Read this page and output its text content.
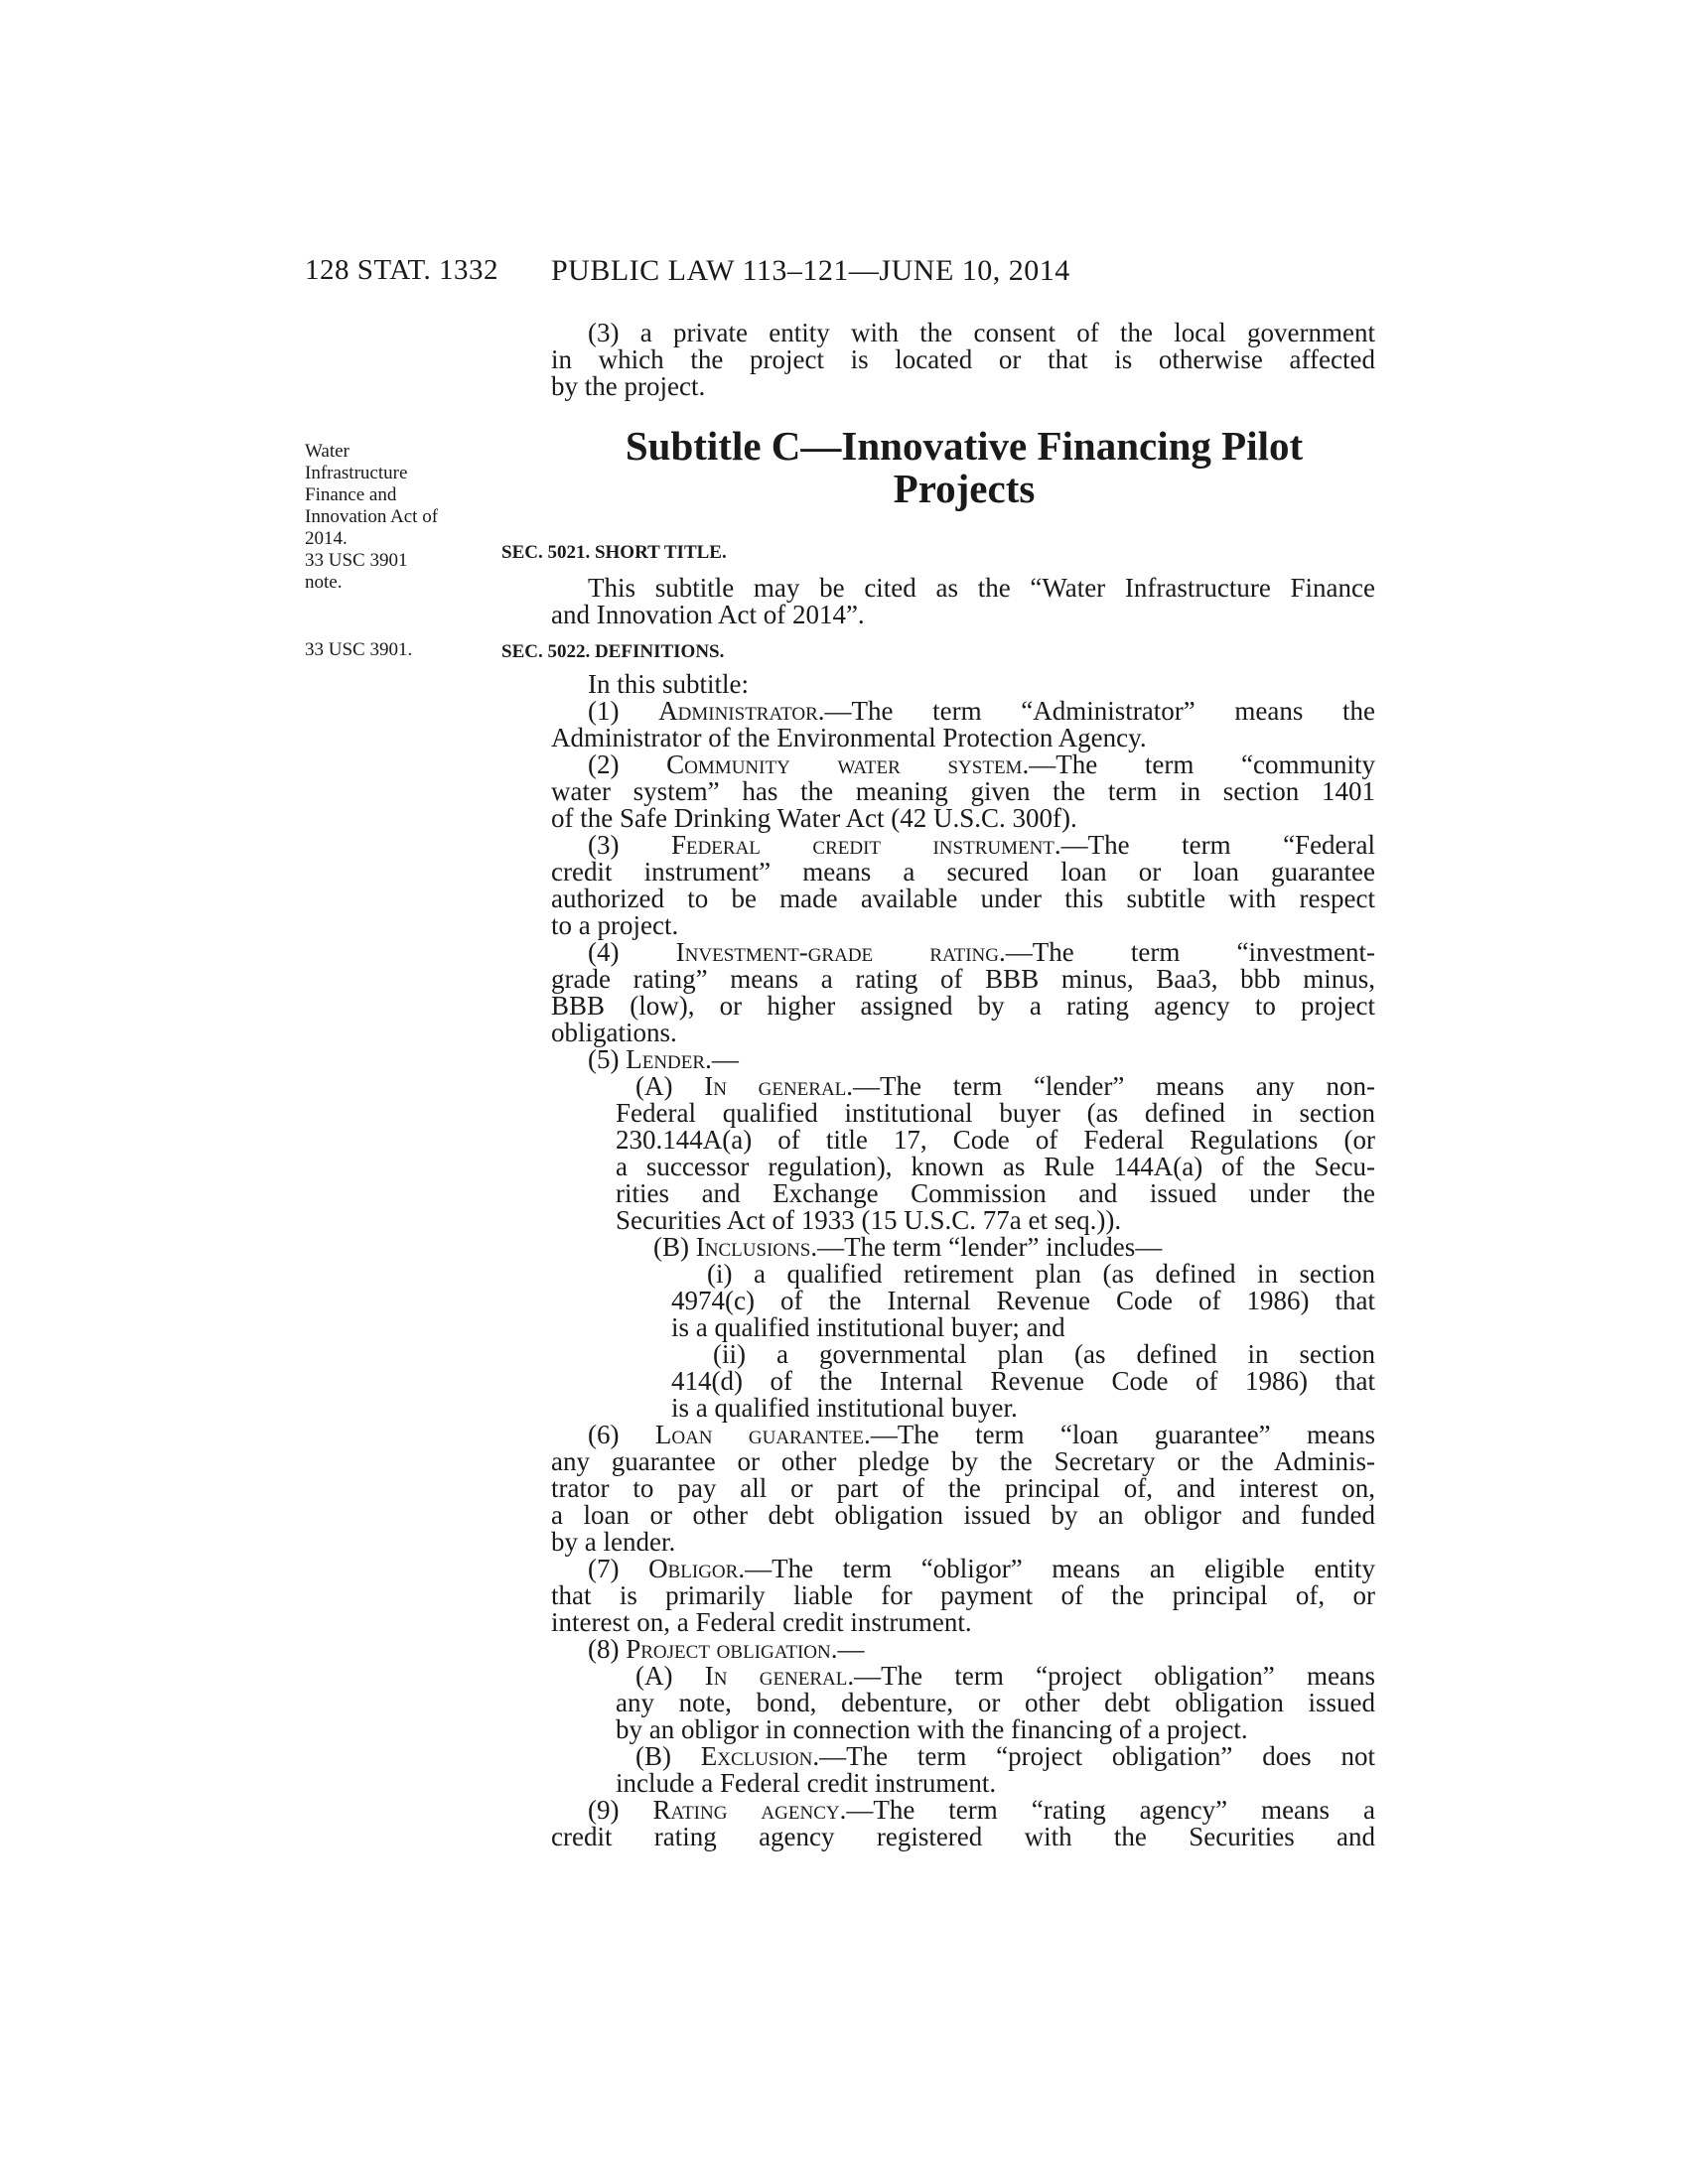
128 STAT. 1332 PUBLIC LAW 113–121—JUNE 10, 2014
(3) a private entity with the consent of the local government
in which the project is located or that is otherwise affected
by the project.
Subtitle C—Innovative Financing Pilot
Projects
Water
Infrastructure
Finance and
Innovation Act of
2014.
33 USC 3901
note.
33 USC 3901.
SEC. 5021. SHORT TITLE.
This subtitle may be cited as the “Water Infrastructure Finance
and Innovation Act of 2014”.
SEC. 5022. DEFINITIONS.
In this subtitle:
(1) Administrator.—The term “Administrator” means the
Administrator of the Environmental Protection Agency.
(2) Community water system.—The term “community
water system” has the meaning given the term in section 1401
of the Safe Drinking Water Act (42 U.S.C. 300f).
(3) Federal credit instrument.—The term “Federal
credit instrument” means a secured loan or loan guarantee
authorized to be made available under this subtitle with respect
to a project.
(4) Investment-grade rating.—The term “investment-
grade rating” means a rating of BBB minus, Baa3, bbb minus,
BBB (low), or higher assigned by a rating agency to project
obligations.
(5) Lender.—
(A) In general.—The term “lender” means any non-
Federal qualified institutional buyer (as defined in section
230.144A(a) of title 17, Code of Federal Regulations (or
a successor regulation), known as Rule 144A(a) of the Secu-
rities and Exchange Commission and issued under the
Securities Act of 1933 (15 U.S.C. 77a et seq.)).
(B) Inclusions.—The term “lender” includes—
(i) a qualified retirement plan (as defined in section
4974(c) of the Internal Revenue Code of 1986) that
is a qualified institutional buyer; and
(ii) a governmental plan (as defined in section
414(d) of the Internal Revenue Code of 1986) that
is a qualified institutional buyer.
(6) Loan guarantee.—The term “loan guarantee” means
any guarantee or other pledge by the Secretary or the Adminis-
trator to pay all or part of the principal of, and interest on,
a loan or other debt obligation issued by an obligor and funded
by a lender.
(7) Obligor.—The term “obligor” means an eligible entity
that is primarily liable for payment of the principal of, or
interest on, a Federal credit instrument.
(8) Project obligation.—
(A) In general.—The term “project obligation” means
any note, bond, debenture, or other debt obligation issued
by an obligor in connection with the financing of a project.
(B) Exclusion.—The term “project obligation” does not
include a Federal credit instrument.
(9) Rating agency.—The term “rating agency” means a
credit rating agency registered with the Securities and
